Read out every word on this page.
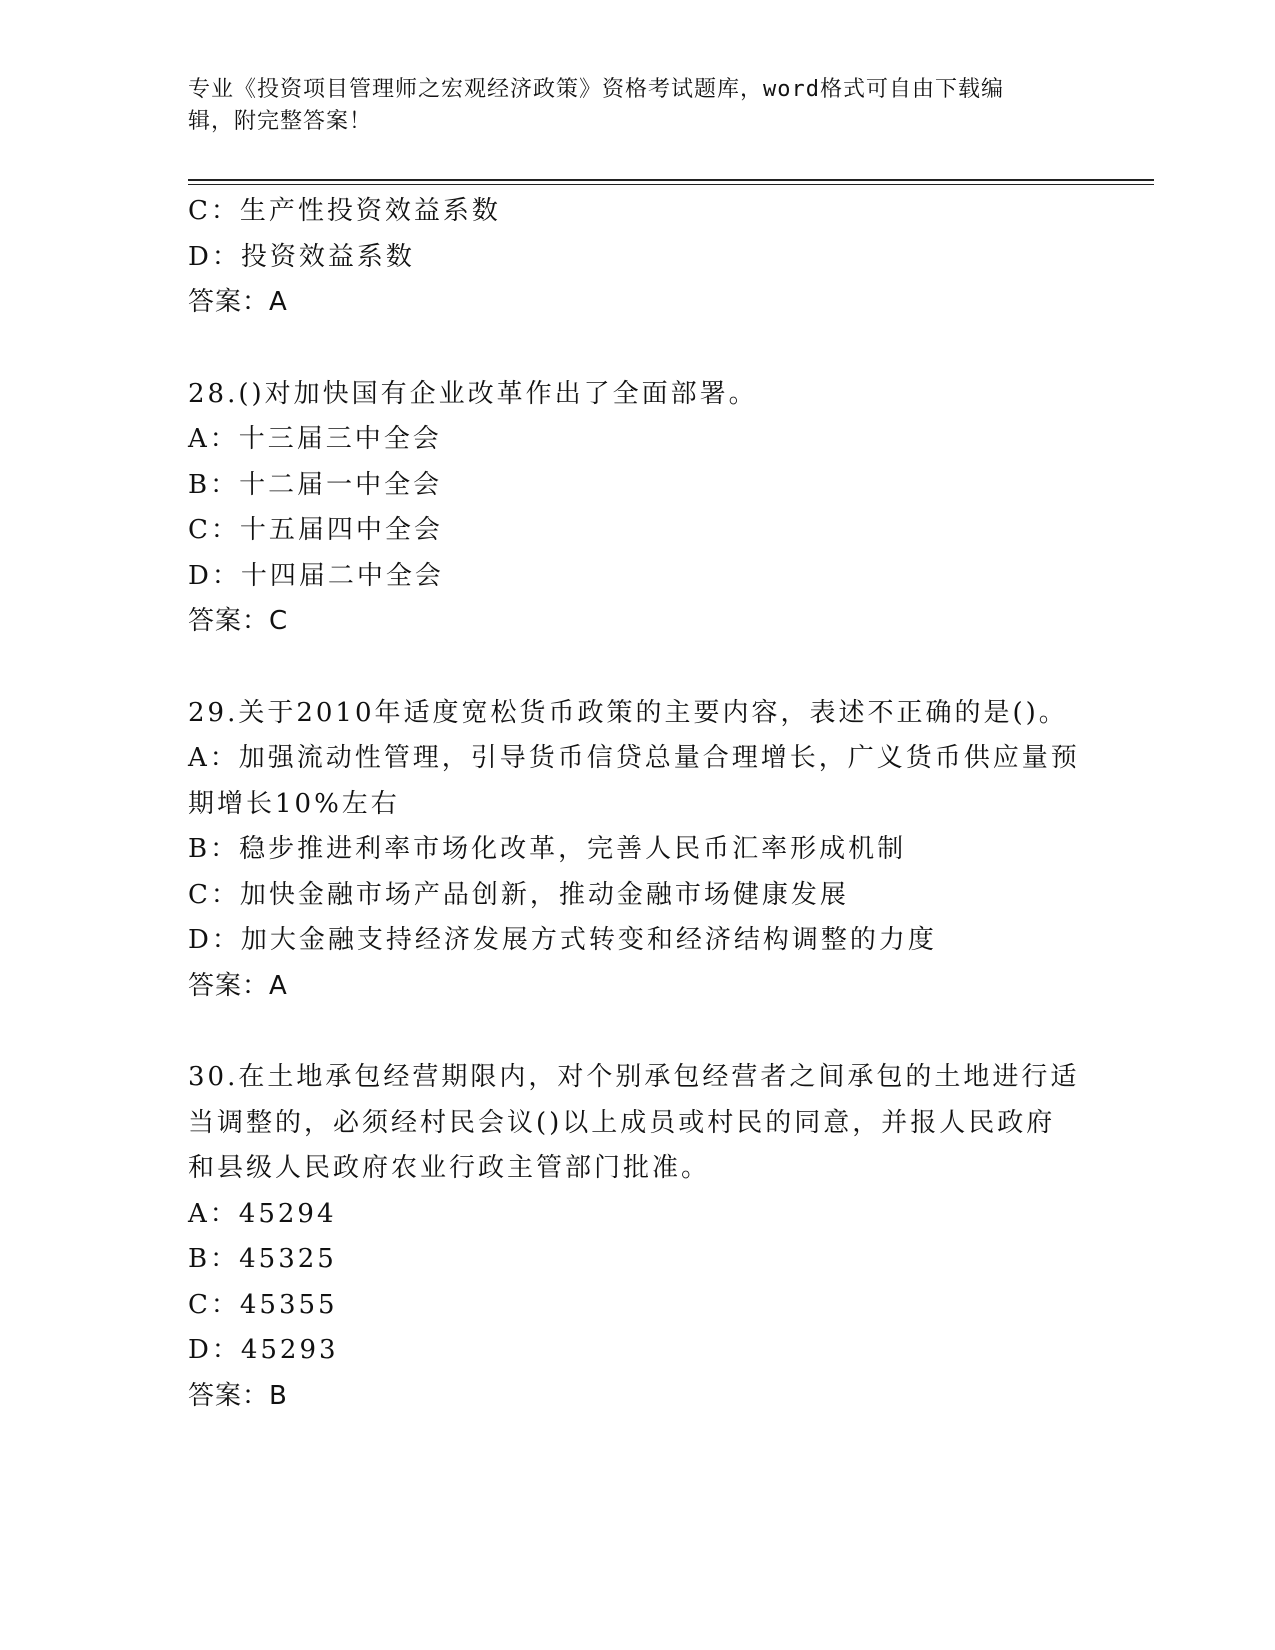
专业《投资项目管理师之宏观经济政策》资格考试题库，word格式可自由下载编
辑，附完整答案！
C：生产性投资效益系数
D：投资效益系数
答案：A
28.()对加快国有企业改革作出了全面部署。
A：十三届三中全会
B：十二届一中全会
C：十五届四中全会
D：十四届二中全会
答案：C
29.关于2010年适度宽松货币政策的主要内容，表述不正确的是()。
A：加强流动性管理，引导货币信贷总量合理增长，广义货币供应量预
期增长10%左右
B：稳步推进利率市场化改革，完善人民币汇率形成机制
C：加快金融市场产品创新，推动金融市场健康发展
D：加大金融支持经济发展方式转变和经济结构调整的力度
答案：A
30.在土地承包经营期限内，对个别承包经营者之间承包的土地进行适
当调整的，必须经村民会议()以上成员或村民的同意，并报人民政府
和县级人民政府农业行政主管部门批准。
A：45294
B：45325
C：45355
D：45293
答案：B
